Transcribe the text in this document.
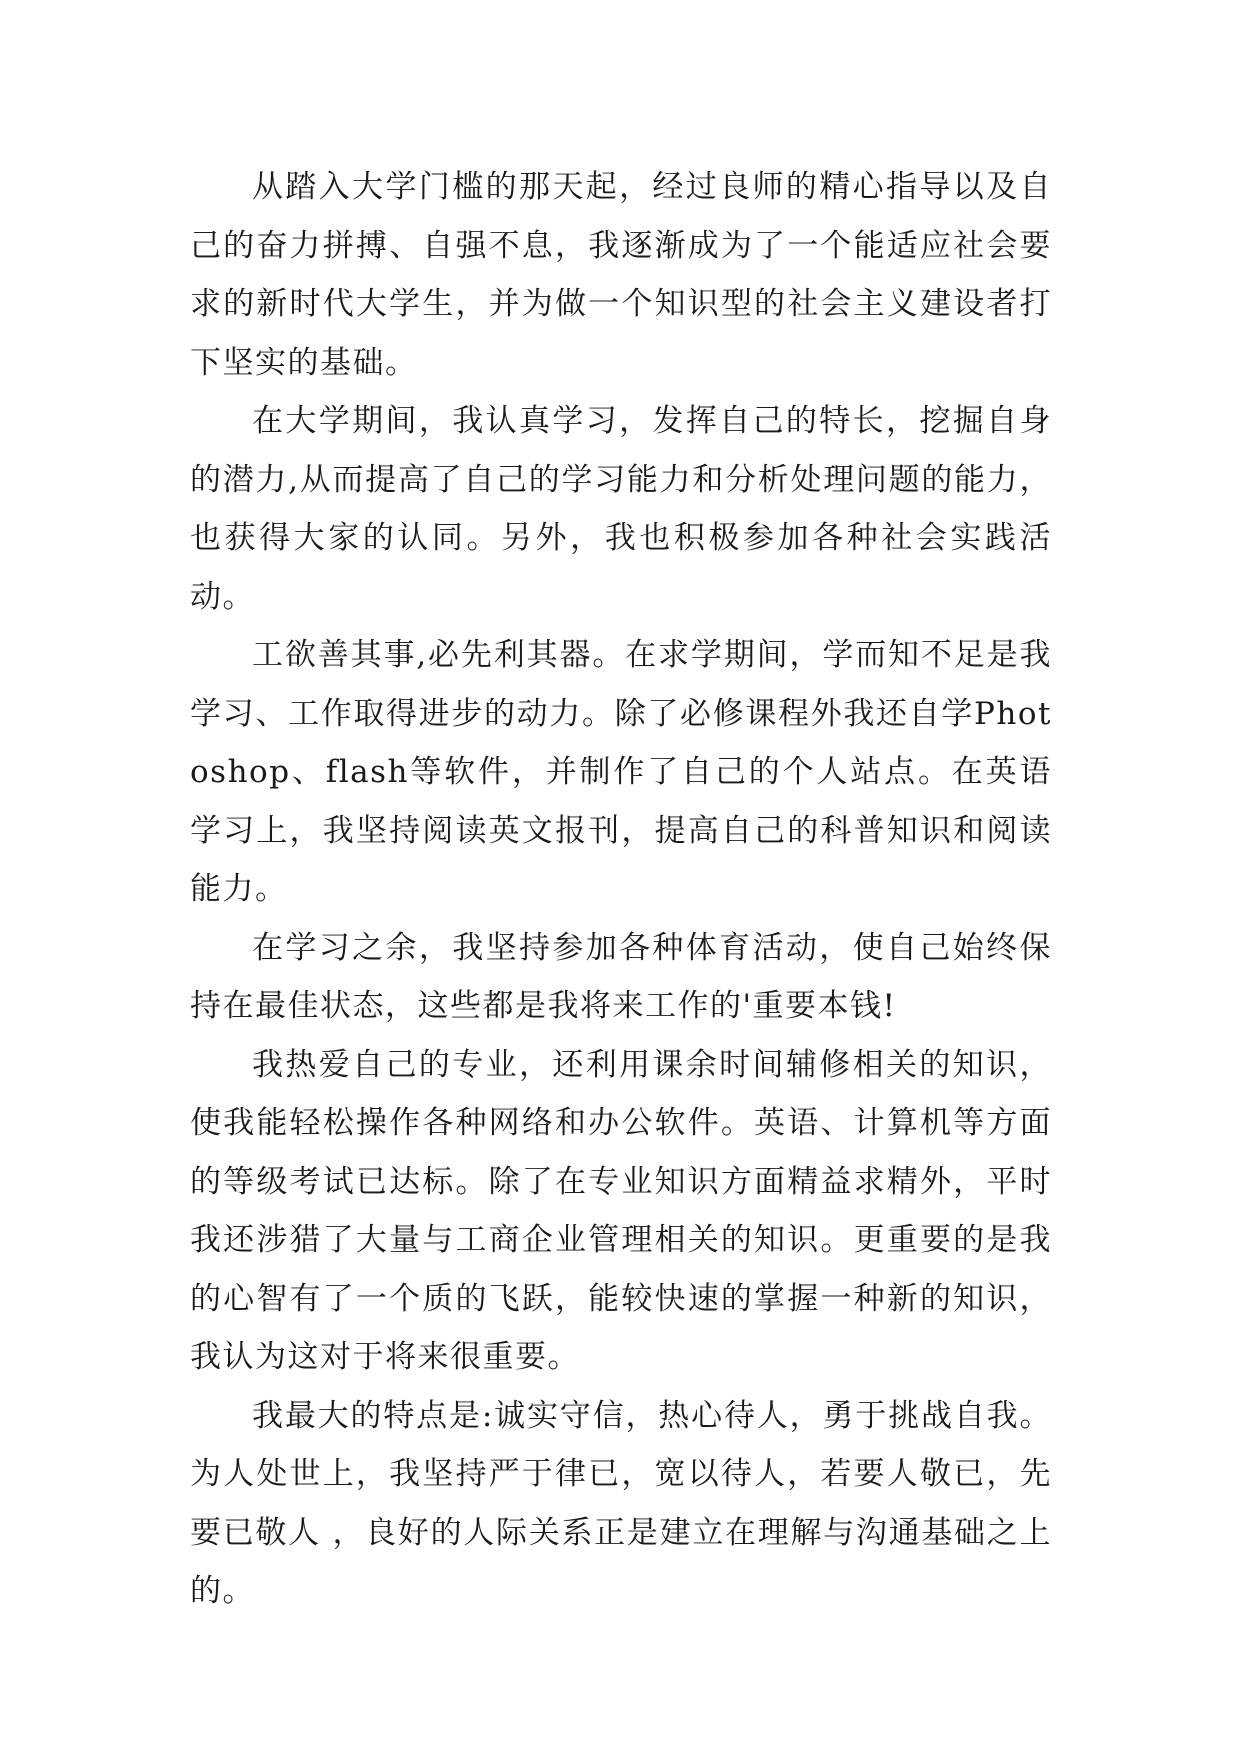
从踏入大学门槛的那天起，经过良师的精心指导以及自己的奋力拼搏、自强不息，我逐渐成为了一个能适应社会要求的新时代大学生，并为做一个知识型的社会主义建设者打下坚实的基础。

在大学期间，我认真学习，发挥自己的特长，挖掘自身的潜力,从而提高了自己的学习能力和分析处理问题的能力，也获得大家的认同。另外，我也积极参加各种社会实践活动。

工欲善其事,必先利其器。在求学期间，学而知不足是我学习、工作取得进步的动力。除了必修课程外我还自学Photoshop、flash等软件，并制作了自己的个人站点。在英语学习上，我坚持阅读英文报刊，提高自己的科普知识和阅读能力。

在学习之余，我坚持参加各种体育活动，使自己始终保持在最佳状态，这些都是我将来工作的'重要本钱!

我热爱自己的专业，还利用课余时间辅修相关的知识，使我能轻松操作各种网络和办公软件。英语、计算机等方面的等级考试已达标。除了在专业知识方面精益求精外，平时我还涉猎了大量与工商企业管理相关的知识。更重要的是我的心智有了一个质的飞跃，能较快速的掌握一种新的知识，我认为这对于将来很重要。

我最大的特点是:诚实守信，热心待人，勇于挑战自我。为人处世上，我坚持严于律已，宽以待人，若要人敬已，先要已敬人 ，良好的人际关系正是建立在理解与沟通基础之上的。
